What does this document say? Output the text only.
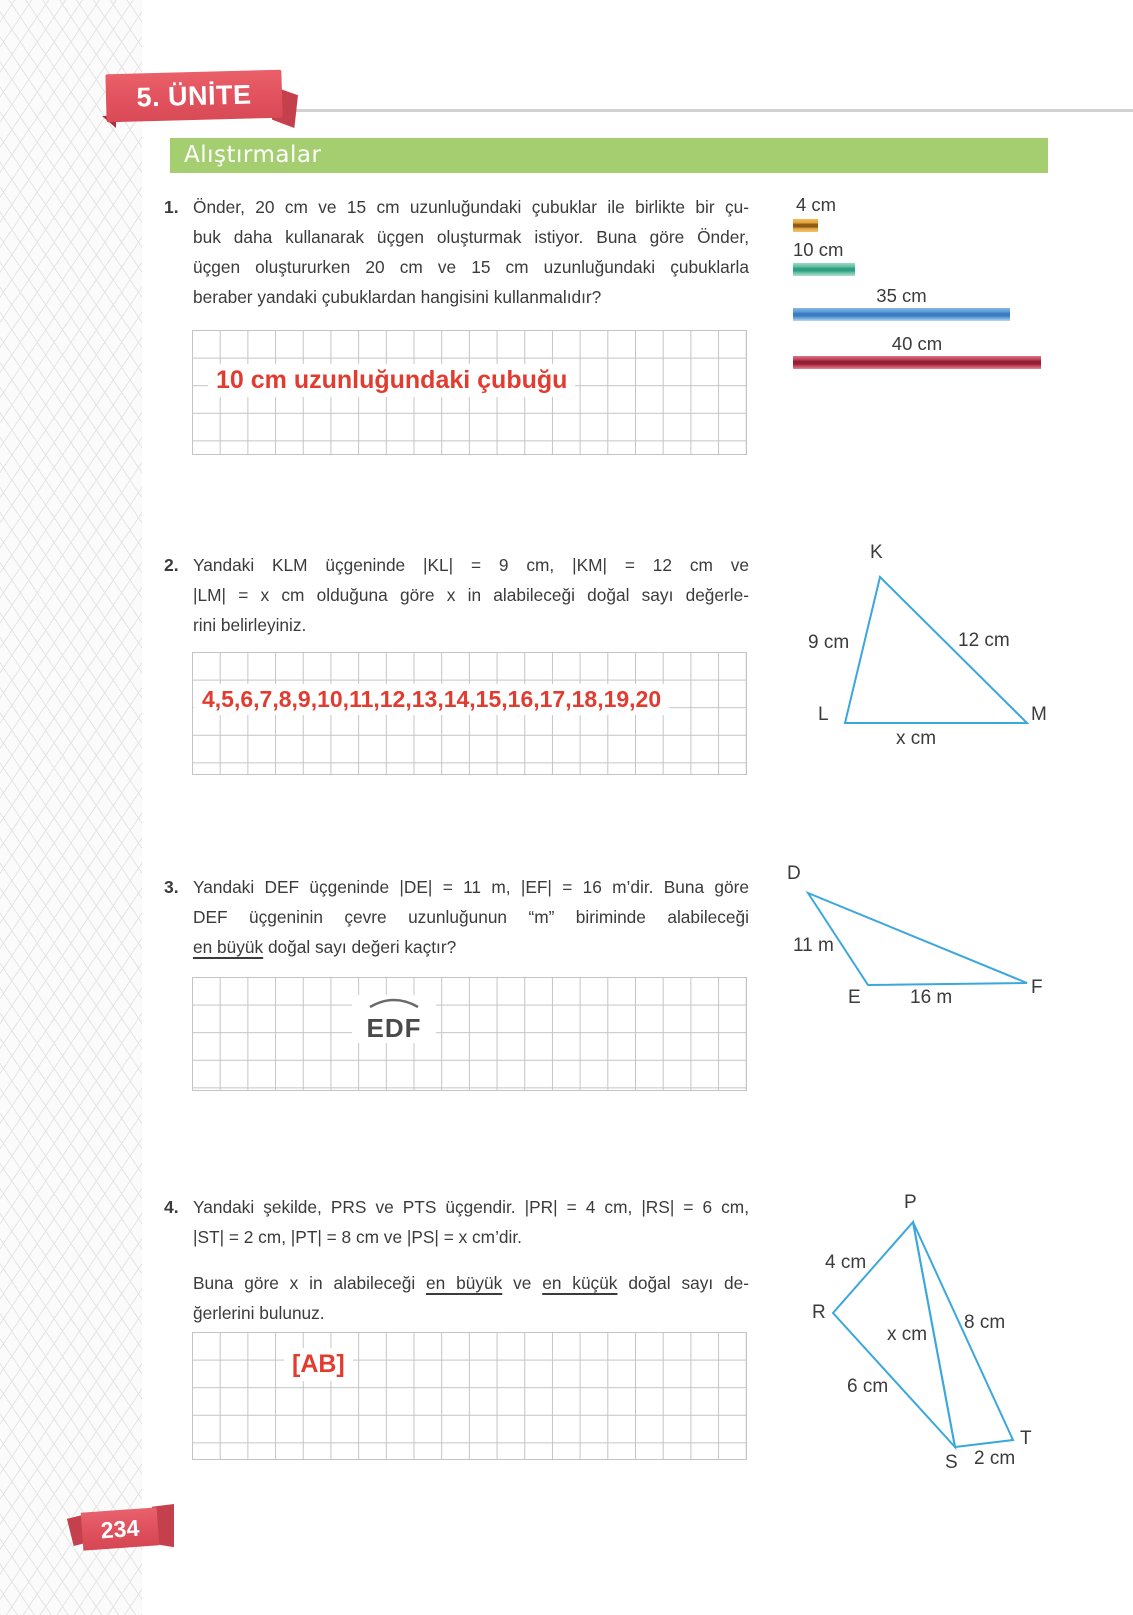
5. ÜNİTE
Alıştırmalar
1. Önder, 20 cm ve 15 cm uzunluğundaki çubuklar ile birlikte bir çu-
buk daha kullanarak üçgen oluşturmak istiyor. Buna göre Önder,
üçgen oluştururken 20 cm ve 15 cm uzunluğundaki çubuklarla
beraber yandaki çubuklardan hangisini kullanmalıdır?
4 cm
10 cm
35 cm
40 cm
10 cm uzunluğundaki çubuğu
2. Yandaki KLM üçgeninde |KL| = 9 cm, |KM| = 12 cm ve
|LM| = x cm olduğuna göre x in alabileceği doğal sayı değerle-
rini belirleyiniz.
K
L	M
9 cm	12 cm
x cm
4,5,6,7,8,9,10,11,12,13,14,15,16,17,18,19,20
3. Yandaki DEF üçgeninde |DE| = 11 m, |EF| = 16 m’dir. Buna göre
DEF üçgeninin çevre uzunluğunun “m” biriminde alabileceği
en büyük doğal sayı değeri kaçtır?
D
E	F
11 m
16 m
EDF
4. Yandaki şekilde, PRS ve PTS üçgendir. |PR| = 4 cm, |RS| = 6 cm,
|ST| = 2 cm, |PT| = 8 cm ve |PS| = x cm’dir.
Buna göre x in alabileceği en büyük ve en küçük doğal sayı de-
ğerlerini bulunuz.
P
R
S
T
4 cm
8 cm
x cm
6 cm
2 cm
[AB]
234
